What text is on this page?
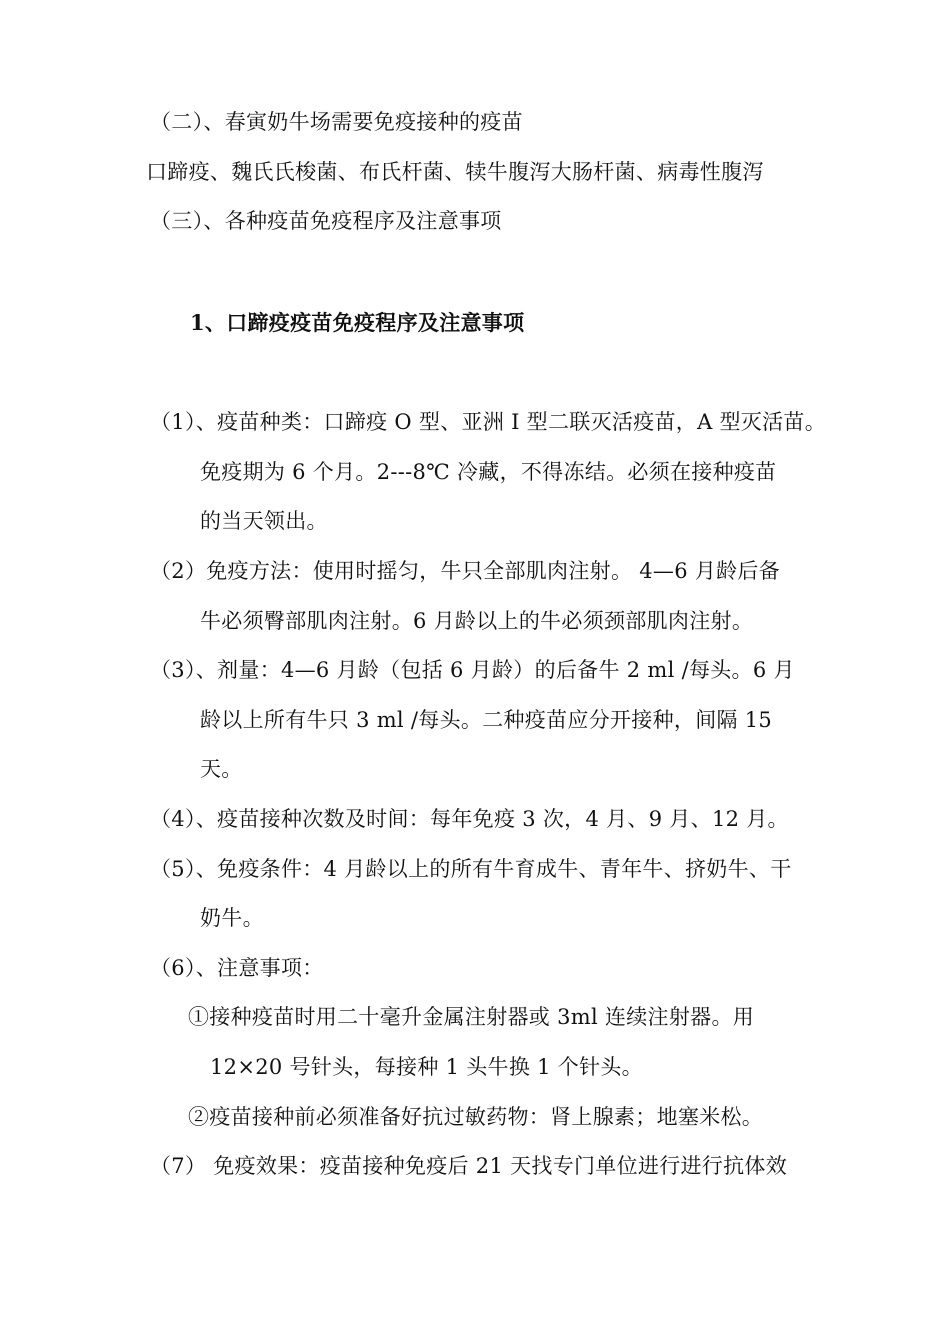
（二）、春寅奶牛场需要免疫接种的疫苗
口蹄疫、魏氏氏梭菌、布氏杆菌、犊牛腹泻大肠杆菌、病毒性腹泻
（三）、各种疫苗免疫程序及注意事项
1、口蹄疫疫苗免疫程序及注意事项
（1）、疫苗种类：口蹄疫 O 型、亚洲 I 型二联灭活疫苗，A 型灭活苗。
免疫期为 6 个月。2---8℃ 冷藏，不得冻结。必须在接种疫苗
的当天领出。
（2）免疫方法：使用时摇匀，牛只全部肌肉注射。 4—6 月龄后备
牛必须臀部肌肉注射。6 月龄以上的牛必须颈部肌肉注射。
（3）、剂量：4—6 月龄（包括 6 月龄）的后备牛 2 ml /每头。6 月
龄以上所有牛只 3 ml /每头。二种疫苗应分开接种，间隔 15
天。
（4）、疫苗接种次数及时间：每年免疫 3 次，4 月、9 月、12 月。
（5）、免疫条件：4 月龄以上的所有牛育成牛、青年牛、挤奶牛、干
奶牛。
（6）、注意事项：
①接种疫苗时用二十毫升金属注射器或 3ml 连续注射器。用
12×20 号针头，每接种 1 头牛换 1 个针头。
②疫苗接种前必须准备好抗过敏药物：肾上腺素；地塞米松。
（7） 免疫效果：疫苗接种免疫后 21 天找专门单位进行进行抗体效
